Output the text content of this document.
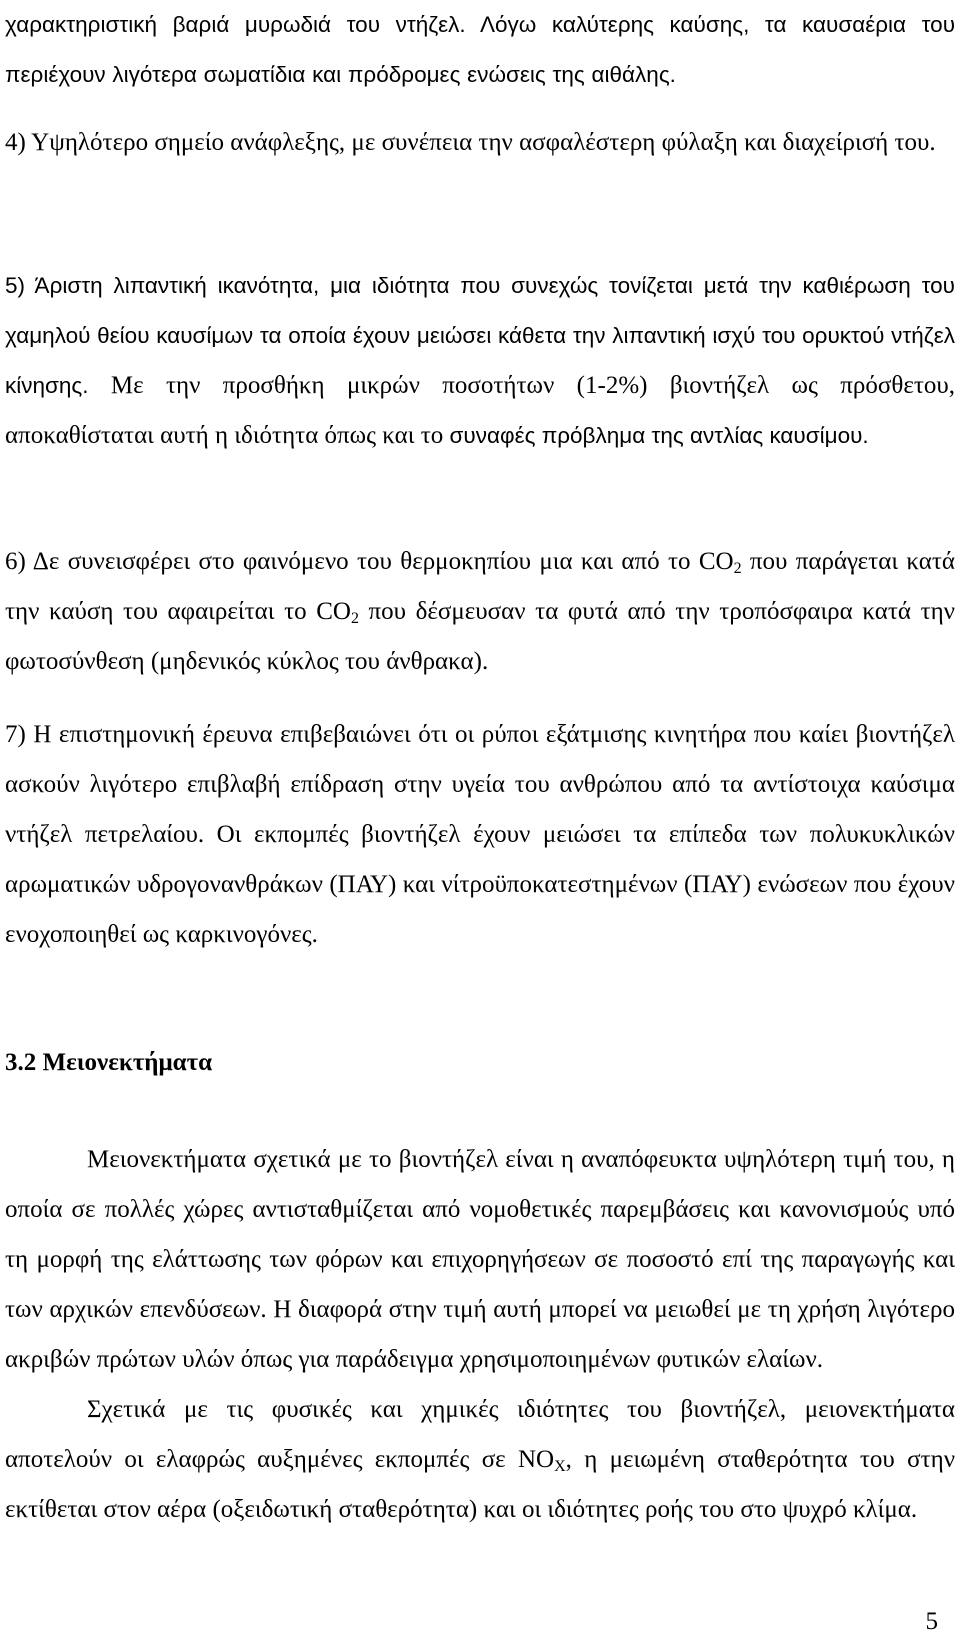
χαρακτηριστική βαριά μυρωδιά του ντήζελ. Λόγω καλύτερης καύσης, τα καυσαέρια του περιέχουν λιγότερα σωματίδια και πρόδρομες ενώσεις της αιθάλης.

4) Υψηλότερο σημείο ανάφλεξης, με συνέπεια την ασφαλέστερη φύλαξη και διαχείρισή του.

5) Άριστη λιπαντική ικανότητα, μια ιδιότητα που συνεχώς τονίζεται μετά την καθιέρωση του χαμηλού θείου καυσίμων τα οποία έχουν μειώσει κάθετα την λιπαντική ισχύ του ορυκτού ντήζελ κίνησης. Με την προσθήκη μικρών ποσοτήτων (1-2%) βιοντήζελ ως πρόσθετου, αποκαθίσταται αυτή η ιδιότητα όπως και το συναφές πρόβλημα της αντλίας καυσίμου.

6) Δε συνεισφέρει στο φαινόμενο του θερμοκηπίου μια και από το $CO_2$ που παράγεται κατά την καύση του αφαιρείται το $CO_2$ που δέσμευσαν τα φυτά από την τροπόσφαιρα κατά την φωτοσύνθεση (μηδενικός κύκλος του άνθρακα).

7) Η επιστημονική έρευνα επιβεβαιώνει ότι οι ρύποι εξάτμισης κινητήρα που καίει βιοντήζελ ασκούν λιγότερο επιβλαβή επίδραση στην υγεία του ανθρώπου από τα αντίστοιχα καύσιμα ντήζελ πετρελαίου. Οι εκπομπές βιοντήζελ έχουν μειώσει τα επίπεδα των πολυκυκλικών αρωματικών υδρογονανθράκων (ΠΑΥ) και νίτροϋποκατεστημένων (ΠΑΥ) ενώσεων που έχουν ενοχοποιηθεί ως καρκινογόνες.

3.2 Μειονεκτήματα

Μειονεκτήματα σχετικά με το βιοντήζελ είναι η αναπόφευκτα υψηλότερη τιμή του, η οποία σε πολλές χώρες αντισταθμίζεται από νομοθετικές παρεμβάσεις και κανονισμούς υπό τη μορφή της ελάττωσης των φόρων και επιχορηγήσεων σε ποσοστό επί της παραγωγής και των αρχικών επενδύσεων. Η διαφορά στην τιμή αυτή μπορεί να μειωθεί με τη χρήση λιγότερο ακριβών πρώτων υλών όπως για παράδειγμα χρησιμοποιημένων φυτικών ελαίων.

Σχετικά με τις φυσικές και χημικές ιδιότητες του βιοντήζελ, μειονεκτήματα αποτελούν οι ελαφρώς αυξημένες εκπομπές σε $NO_X$, η μειωμένη σταθερότητα του στην εκτίθεται στον αέρα (οξειδωτική σταθερότητα) και οι ιδιότητες ροής του στο ψυχρό κλίμα.

5
